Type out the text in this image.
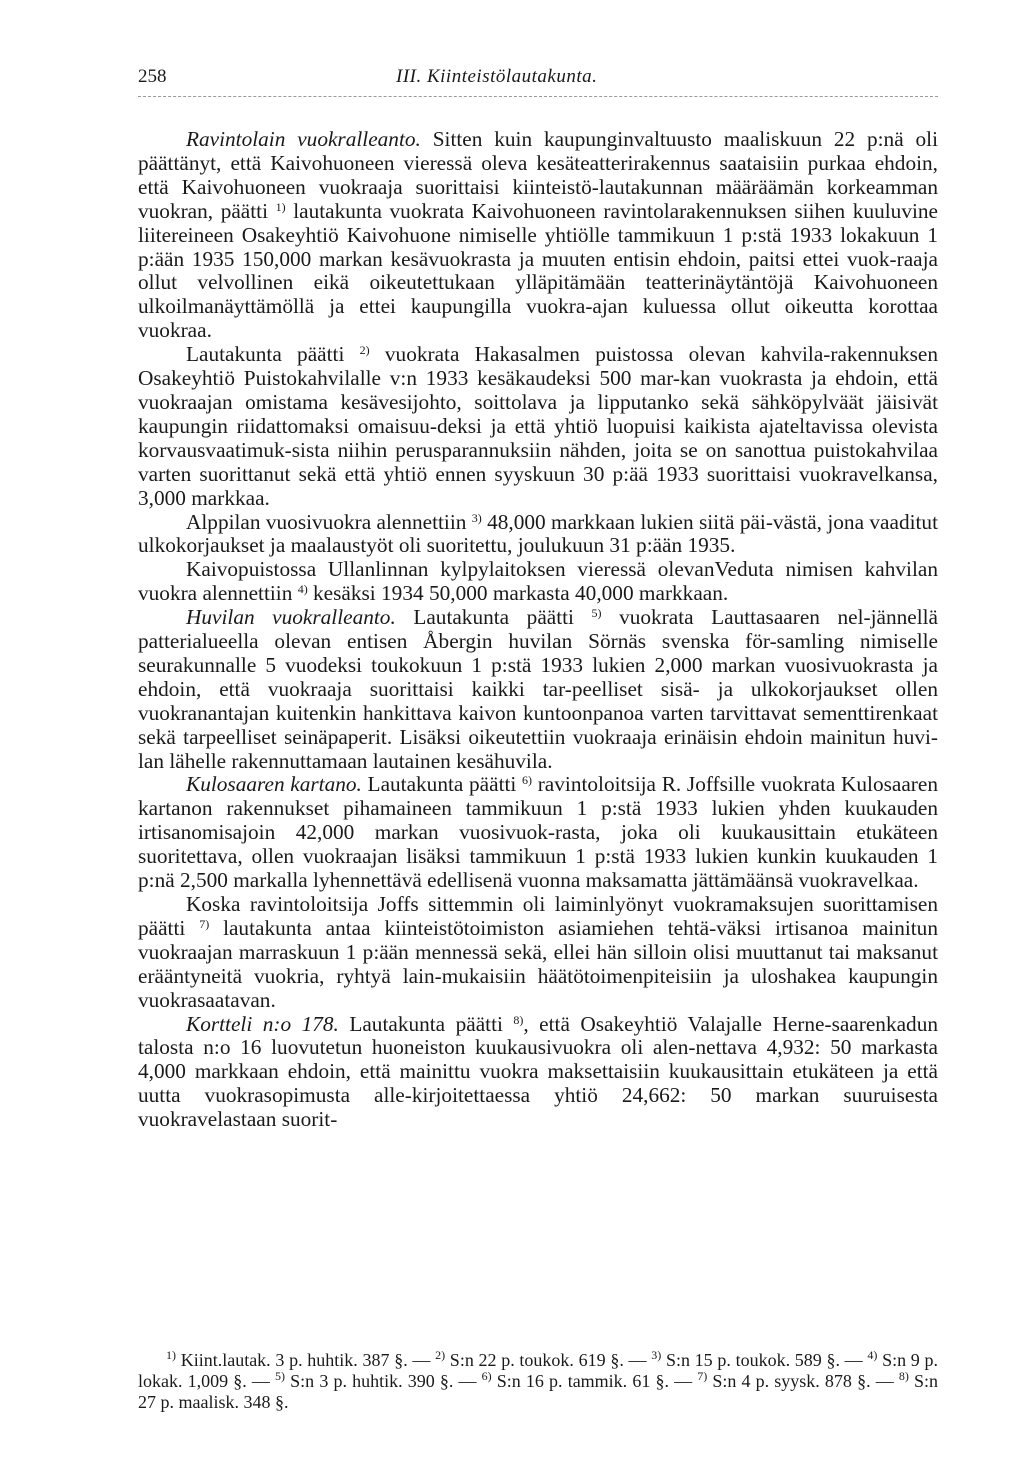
258	III. Kiinteistölautakunta.

Ravintolain vuokralleanto. Sitten kuin kaupunginvaltuusto maaliskuun 22 p:nä oli päättänyt, että Kaivohuoneen vieressä oleva kesäteatterirakennus saataisiin purkaa ehdoin, että Kaivohuoneen vuokraaja suorittaisi kiinteistö-lautakunnan määräämän korkeamman vuokran, päätti $^{1)}$ lautakunta vuokrata Kaivohuoneen ravintolarakennuksen siihen kuuluvine liitereineen Osakeyhtiö Kaivohuone nimiselle yhtiölle tammikuun 1 p:stä 1933 lokakuun 1 p:ään 1935 150,000 markan kesävuokrasta ja muuten entisin ehdoin, paitsi ettei vuok-raaja ollut velvollinen eikä oikeutettukaan ylläpitämään teatterinäytäntöjä Kaivohuoneen ulkoilmanäyttämöllä ja ettei kaupungilla vuokra-ajan kuluessa ollut oikeutta korottaa vuokraa.

Lautakunta päätti $^{2)}$ vuokrata Hakasalmen puistossa olevan kahvila-rakennuksen Osakeyhtiö Puistokahvilalle v:n 1933 kesäkaudeksi 500 mar-kan vuokrasta ja ehdoin, että vuokraajan omistama kesävesijohto, soittolava ja lipputanko sekä sähköpylväät jäisivät kaupungin riidattomaksi omaisuu-deksi ja että yhtiö luopuisi kaikista ajateltavissa olevista korvausvaatimuk-sista niihin perusparannuksiin nähden, joita se on sanottua puistokahvilaa varten suorittanut sekä että yhtiö ennen syyskuun 30 p:ää 1933 suorittaisi vuokravelkansa, 3,000 markkaa.

Alppilan vuosivuokra alennettiin $^{3)}$ 48,000 markkaan lukien siitä päi-västä, jona vaaditut ulkokorjaukset ja maalaustyöt oli suoritettu, joulukuun 31 p:ään 1935.

Kaivopuistossa Ullanlinnan kylpylaitoksen vieressä olevanVeduta nimisen kahvilan vuokra alennettiin $^{4)}$ kesäksi 1934 50,000 markasta 40,000 markkaan.

Huvilan vuokralleanto. Lautakunta päätti $^{5)}$ vuokrata Lauttasaaren nel-jännellä patterialueella olevan entisen Åbergin huvilan Sörnäs svenska för-samling nimiselle seurakunnalle 5 vuodeksi toukokuun 1 p:stä 1933 lukien 2,000 markan vuosivuokrasta ja ehdoin, että vuokraaja suorittaisi kaikki tar-peelliset sisä- ja ulkokorjaukset ollen vuokranantajan kuitenkin hankittava kaivon kuntoonpanoa varten tarvittavat sementtirenkaat sekä tarpeelliset seinäpaperit. Lisäksi oikeutettiin vuokraaja erinäisin ehdoin mainitun huvi-lan lähelle rakennuttamaan lautainen kesähuvila.

Kulosaaren kartano. Lautakunta päätti $^{6)}$ ravintoloitsija R. Joffsille vuokrata Kulosaaren kartanon rakennukset pihamaineen tammikuun 1 p:stä 1933 lukien yhden kuukauden irtisanomisajoin 42,000 markan vuosivuok-rasta, joka oli kuukausittain etukäteen suoritettava, ollen vuokraajan lisäksi tammikuun 1 p:stä 1933 lukien kunkin kuukauden 1 p:nä 2,500 markalla lyhennettävä edellisenä vuonna maksamatta jättämäänsä vuokravelkaa.

Koska ravintoloitsija Joffs sittemmin oli laiminlyönyt vuokramaksujen suorittamisen päätti $^{7)}$ lautakunta antaa kiinteistötoimiston asiamiehen tehtä-väksi irtisanoa mainitun vuokraajan marraskuun 1 p:ään mennessä sekä, ellei hän silloin olisi muuttanut tai maksanut erääntyneitä vuokria, ryhtyä lain-mukaisiin häätötoimenpiteisiin ja uloshakea kaupungin vuokrasaatavan.

Kortteli n:o 178. Lautakunta päätti $^{8)}$, että Osakeyhtiö Valajalle Herne-saarenkadun talosta n:o 16 luovutetun huoneiston kuukausivuokra oli alen-nettava 4,932: 50 markasta 4,000 markkaan ehdoin, että mainittu vuokra maksettaisiin kuukausittain etukäteen ja että uutta vuokrasopimusta alle-kirjoitettaessa yhtiö 24,662: 50 markan suuruisesta vuokravelastaan suorit-

$^{1)}$ Kiint.lautak. 3 p. huhtik. 387 §. — $^{2)}$ S:n 22 p. toukok. 619 §. — $^{3)}$ S:n 15 p. toukok. 589 §. — $^{4)}$ S:n 9 p. lokak. 1,009 §. — $^{5)}$ S:n 3 p. huhtik. 390 §. — $^{6)}$ S:n 16 p. tammik. 61 §. — $^{7)}$ S:n 4 p. syysk. 878 §. — $^{8)}$ S:n 27 p. maalisk. 348 §.
